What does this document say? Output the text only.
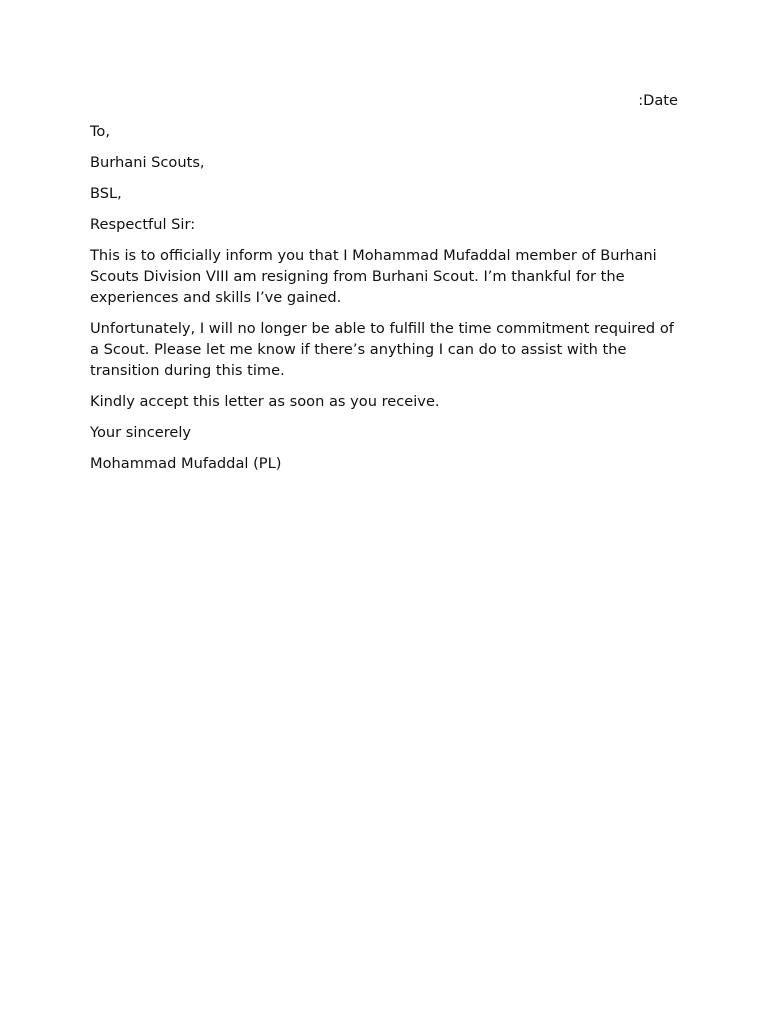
:Date

To,

Burhani Scouts,

BSL,

Respectful Sir:

This is to officially inform you that I Mohammad Mufaddal member of Burhani Scouts Division VIII am resigning from Burhani Scout. I’m thankful for the experiences and skills I’ve gained.

Unfortunately, I will no longer be able to fulfill the time commitment required of a Scout. Please let me know if there’s anything I can do to assist with the transition during this time.

Kindly accept this letter as soon as you receive.

Your sincerely

Mohammad Mufaddal (PL)
